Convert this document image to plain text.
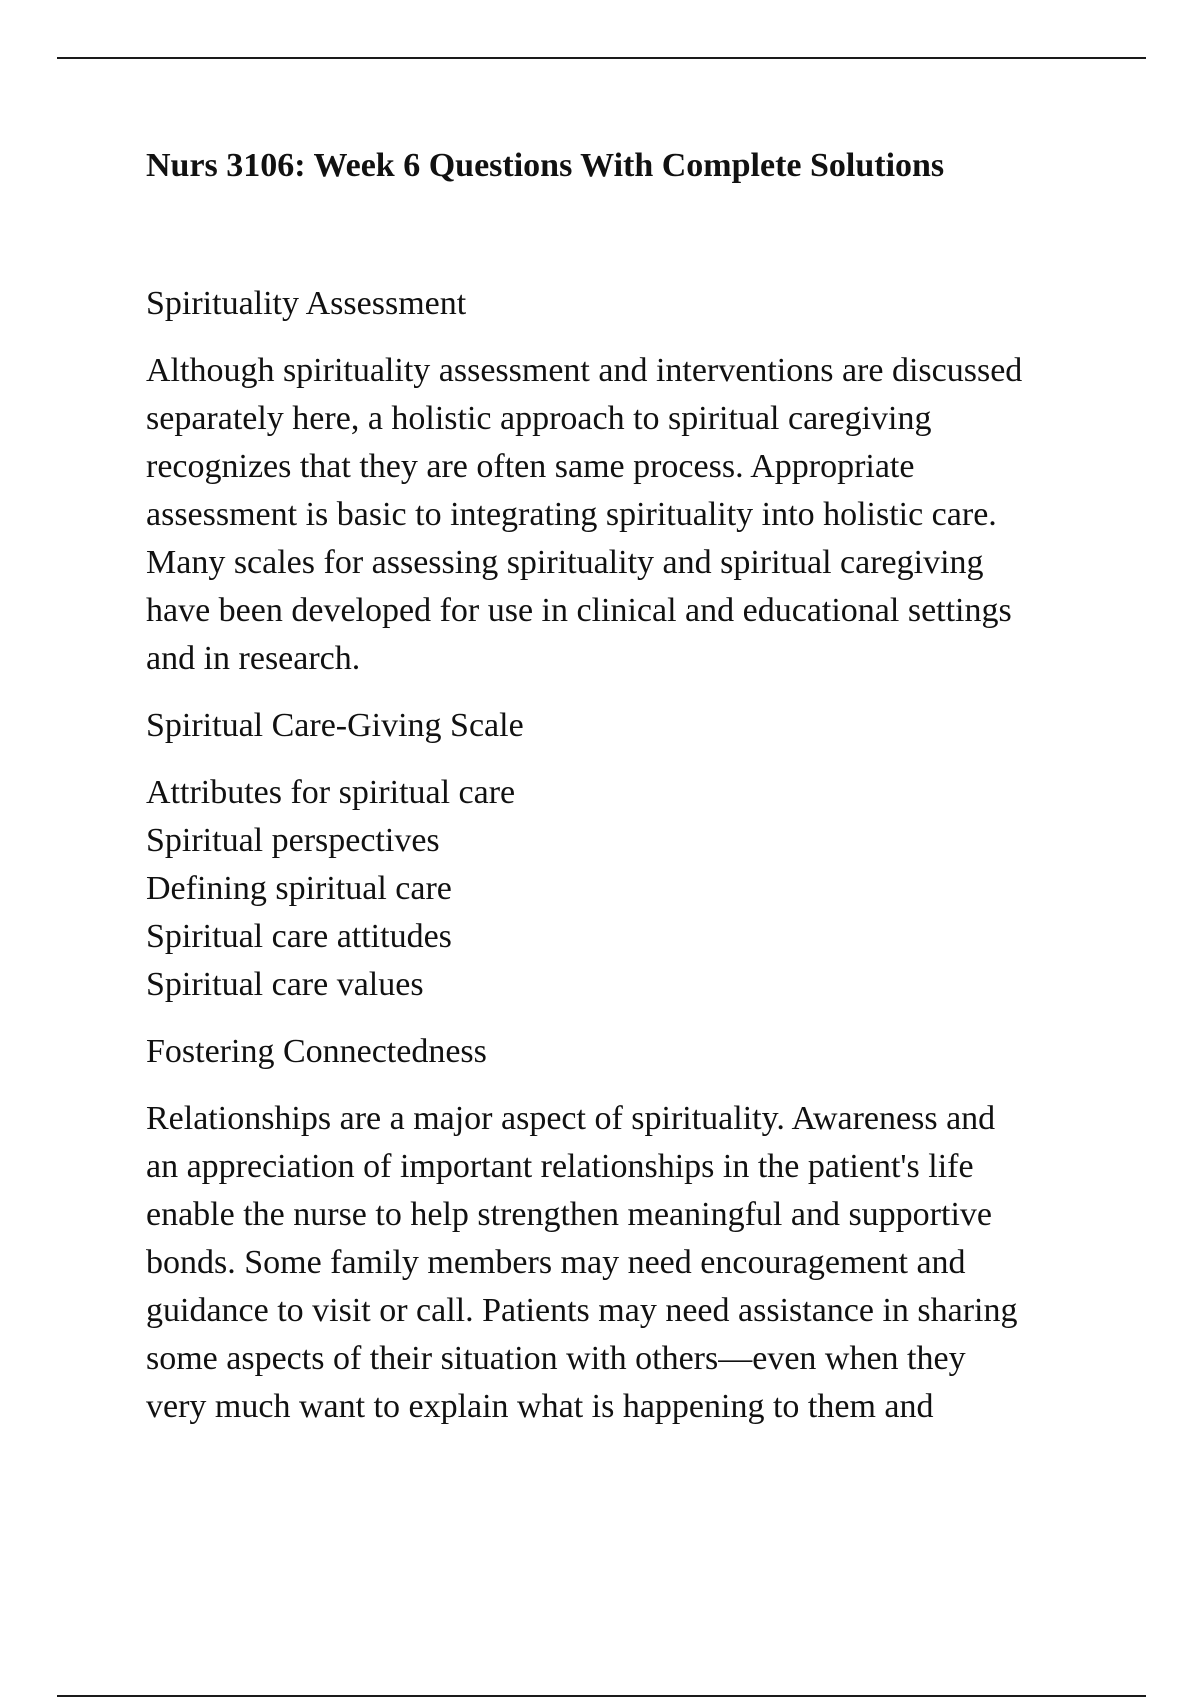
Nurs 3106: Week 6 Questions With Complete Solutions
Spirituality Assessment

Although spirituality assessment and interventions are discussed
separately here, a holistic approach to spiritual caregiving
recognizes that they are often same process. Appropriate
assessment is basic to integrating spirituality into holistic care.
Many scales for assessing spirituality and spiritual caregiving
have been developed for use in clinical and educational settings
and in research.

Spiritual Care-Giving Scale
Attributes for spiritual care
Spiritual perspectives
Defining spiritual care
Spiritual care attitudes
Spiritual care values
Fostering Connectedness

Relationships are a major aspect of spirituality. Awareness and
an appreciation of important relationships in the patient's life
enable the nurse to help strengthen meaningful and supportive
bonds. Some family members may need encouragement and
guidance to visit or call. Patients may need assistance in sharing
some aspects of their situation with others—even when they
very much want to explain what is happening to them and
